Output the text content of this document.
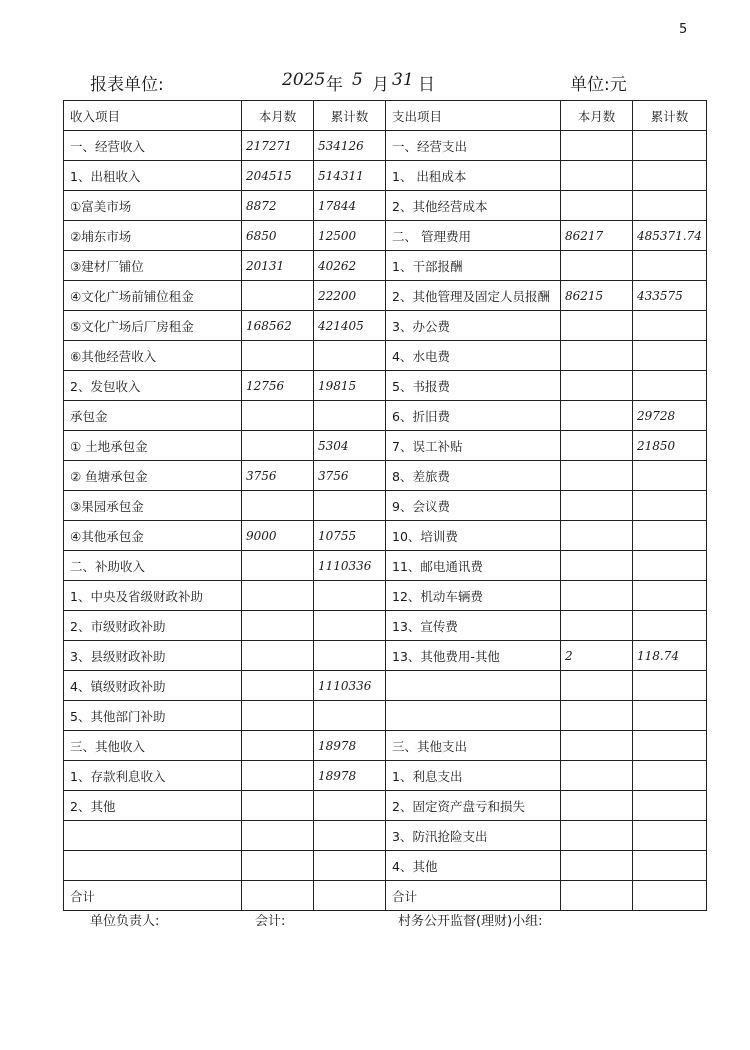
5
报表单位:	2025 年 5 月 31 日	单位:元
收入项目	本月数	累计数	支出项目	本月数	累计数
一、经营收入	217271	534126	一、经营支出		
1、出租收入	204515	514311	1、 出租成本		
①富美市场	8872	17844	2、其他经营成本		
②埔东市场	6850	12500	二、 管理费用	86217	485371.74
③建材厂铺位	20131	40262	1、干部报酬		
④文化广场前铺位租金		22200	2、其他管理及固定人员报酬	86215	433575
⑤文化广场后厂房租金	168562	421405	3、办公费		
⑥其他经营收入			4、水电费		
2、发包收入	12756	19815	5、书报费		
承包金			6、折旧费		29728
① 土地承包金		5304	7、误工补贴		21850
② 鱼塘承包金	3756	3756	8、差旅费		
③果园承包金			9、会议费		
④其他承包金	9000	10755	10、培训费		
二、补助收入		1110336	11、邮电通讯费		
1、中央及省级财政补助			12、机动车辆费		
2、市级财政补助			13、宣传费		
3、县级财政补助			13、其他费用-其他	2	118.74
4、镇级财政补助		1110336			
5、其他部门补助					
三、其他收入		18978	三、其他支出		
1、存款利息收入		18978	1、利息支出		
2、其他			2、固定资产盘亏和损失		
			3、防汛抢险支出		
			4、其他		
合计			合计		
单位负责人:	会计:	村务公开监督(理财)小组:
